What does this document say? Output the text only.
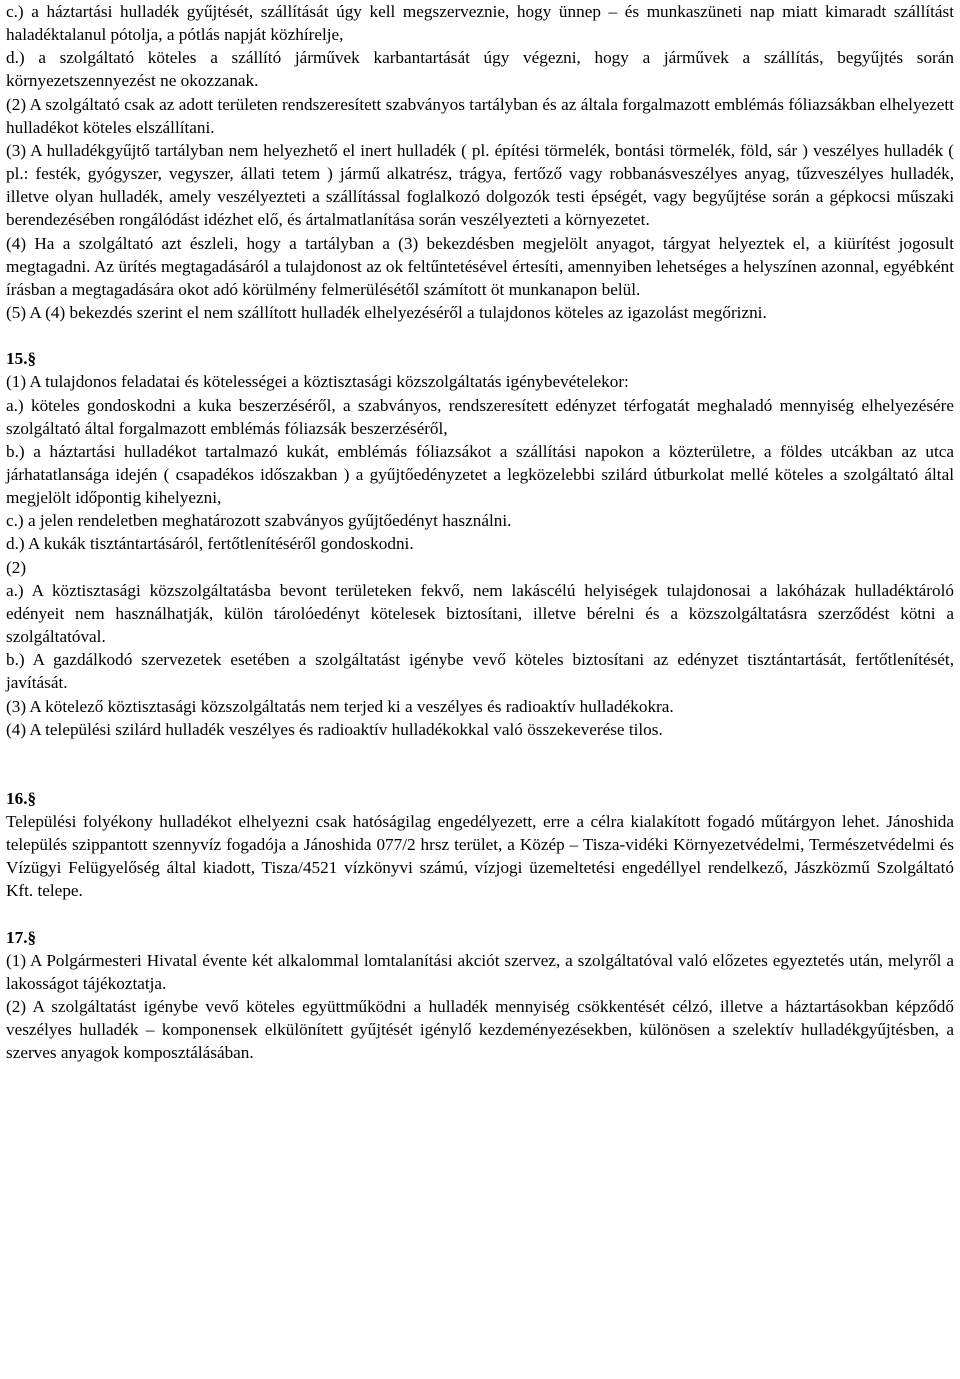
c.) a háztartási hulladék gyűjtését, szállítását úgy kell megszerveznie, hogy ünnep – és munkaszüneti nap miatt kimaradt szállítást haladéktalanul pótolja, a pótlás napját közhírelje,

d.) a szolgáltató köteles a szállító járművek karbantartását úgy végezni, hogy a járművek a szállítás, begyűjtés során környezetszennyezést ne okozzanak.

(2) A szolgáltató csak az adott területen rendszeresített szabványos tartályban és az általa forgalmazott emblémás fóliazsákban elhelyezett hulladékot köteles elszállítani.

(3) A hulladékgyűjtő tartályban nem helyezhető el inert hulladék ( pl. építési törmelék, bontási törmelék, föld, sár ) veszélyes hulladék ( pl.: festék, gyógyszer, vegyszer, állati tetem ) jármű alkatrész, trágya, fertőző vagy robbanásveszélyes anyag, tűzveszélyes hulladék, illetve olyan hulladék, amely veszélyezteti a szállítással foglalkozó dolgozók testi épségét, vagy begyűjtése során a gépkocsi műszaki berendezésében rongálódást idézhet elő, és ártalmatlanítása során veszélyezteti a környezetet.

(4) Ha a szolgáltató azt észleli, hogy a tartályban a (3) bekezdésben megjelölt anyagot, tárgyat helyeztek el, a kiürítést jogosult megtagadni. Az ürítés megtagadásáról a tulajdonost az ok feltűntetésével értesíti, amennyiben lehetséges a helyszínen azonnal, egyébként írásban a megtagadására okot adó körülmény felmerülésétől számított öt munkanapon belül.

(5) A (4) bekezdés szerint el nem szállított hulladék elhelyezéséről a tulajdonos köteles az igazolást megőrizni.

15.§

(1) A tulajdonos feladatai és kötelességei a köztisztasági közszolgáltatás igénybevételekor:

a.) köteles gondoskodni a kuka beszerzéséről, a szabványos, rendszeresített edényzet térfogatát meghaladó mennyiség elhelyezésére szolgáltató által forgalmazott emblémás fóliazsák beszerzéséről,

b.) a háztartási hulladékot tartalmazó kukát, emblémás fóliazsákot a szállítási napokon a közterületre, a földes utcákban az utca járhatatlansága idején ( csapadékos időszakban ) a gyűjtőedényzetet a legközelebbi szilárd útburkolat mellé köteles a szolgáltató által megjelölt időpontig kihelyezni,

c.) a jelen rendeletben meghatározott szabványos gyűjtőedényt használni.

d.) A kukák tisztántartásáról, fertőtlenítéséről gondoskodni.

(2)

a.) A köztisztasági közszolgáltatásba bevont területeken fekvő, nem lakáscélú helyiségek tulajdonosai a lakóházak hulladéktároló edényeit nem használhatják, külön tárolóedényt kötelesek biztosítani, illetve bérelni és a közszolgáltatásra szerződést kötni a szolgáltatóval.

b.) A gazdálkodó szervezetek esetében a szolgáltatást igénybe vevő köteles biztosítani az edényzet tisztántartását, fertőtlenítését, javítását.

(3) A kötelező köztisztasági közszolgáltatás nem terjed ki a veszélyes és radioaktív hulladékokra.

(4) A települési szilárd hulladék veszélyes és radioaktív hulladékokkal való összekeverése tilos.

16.§

Települési folyékony hulladékot elhelyezni csak hatóságilag engedélyezett, erre a célra kialakított fogadó műtárgyon lehet. Jánoshida település szippantott szennyvíz fogadója a Jánoshida 077/2 hrsz terület, a Közép – Tisza-vidéki Környezetvédelmi, Természetvédelmi és Vízügyi Felügyelőség által kiadott, Tisza/4521 vízkönyvi számú, vízjogi üzemeltetési engedéllyel rendelkező, Jászközmű Szolgáltató Kft. telepe.

17.§

(1) A Polgármesteri Hivatal évente két alkalommal lomtalanítási akciót szervez, a szolgáltatóval való előzetes egyeztetés után, melyről a lakosságot tájékoztatja.

(2) A szolgáltatást igénybe vevő köteles együttműködni a hulladék mennyiség csökkentését célzó, illetve a háztartásokban képződő veszélyes hulladék – komponensek elkülönített gyűjtését igénylő kezdeményezésekben, különösen a szelektív hulladékgyűjtésben, a szerves anyagok komposztálásában.
